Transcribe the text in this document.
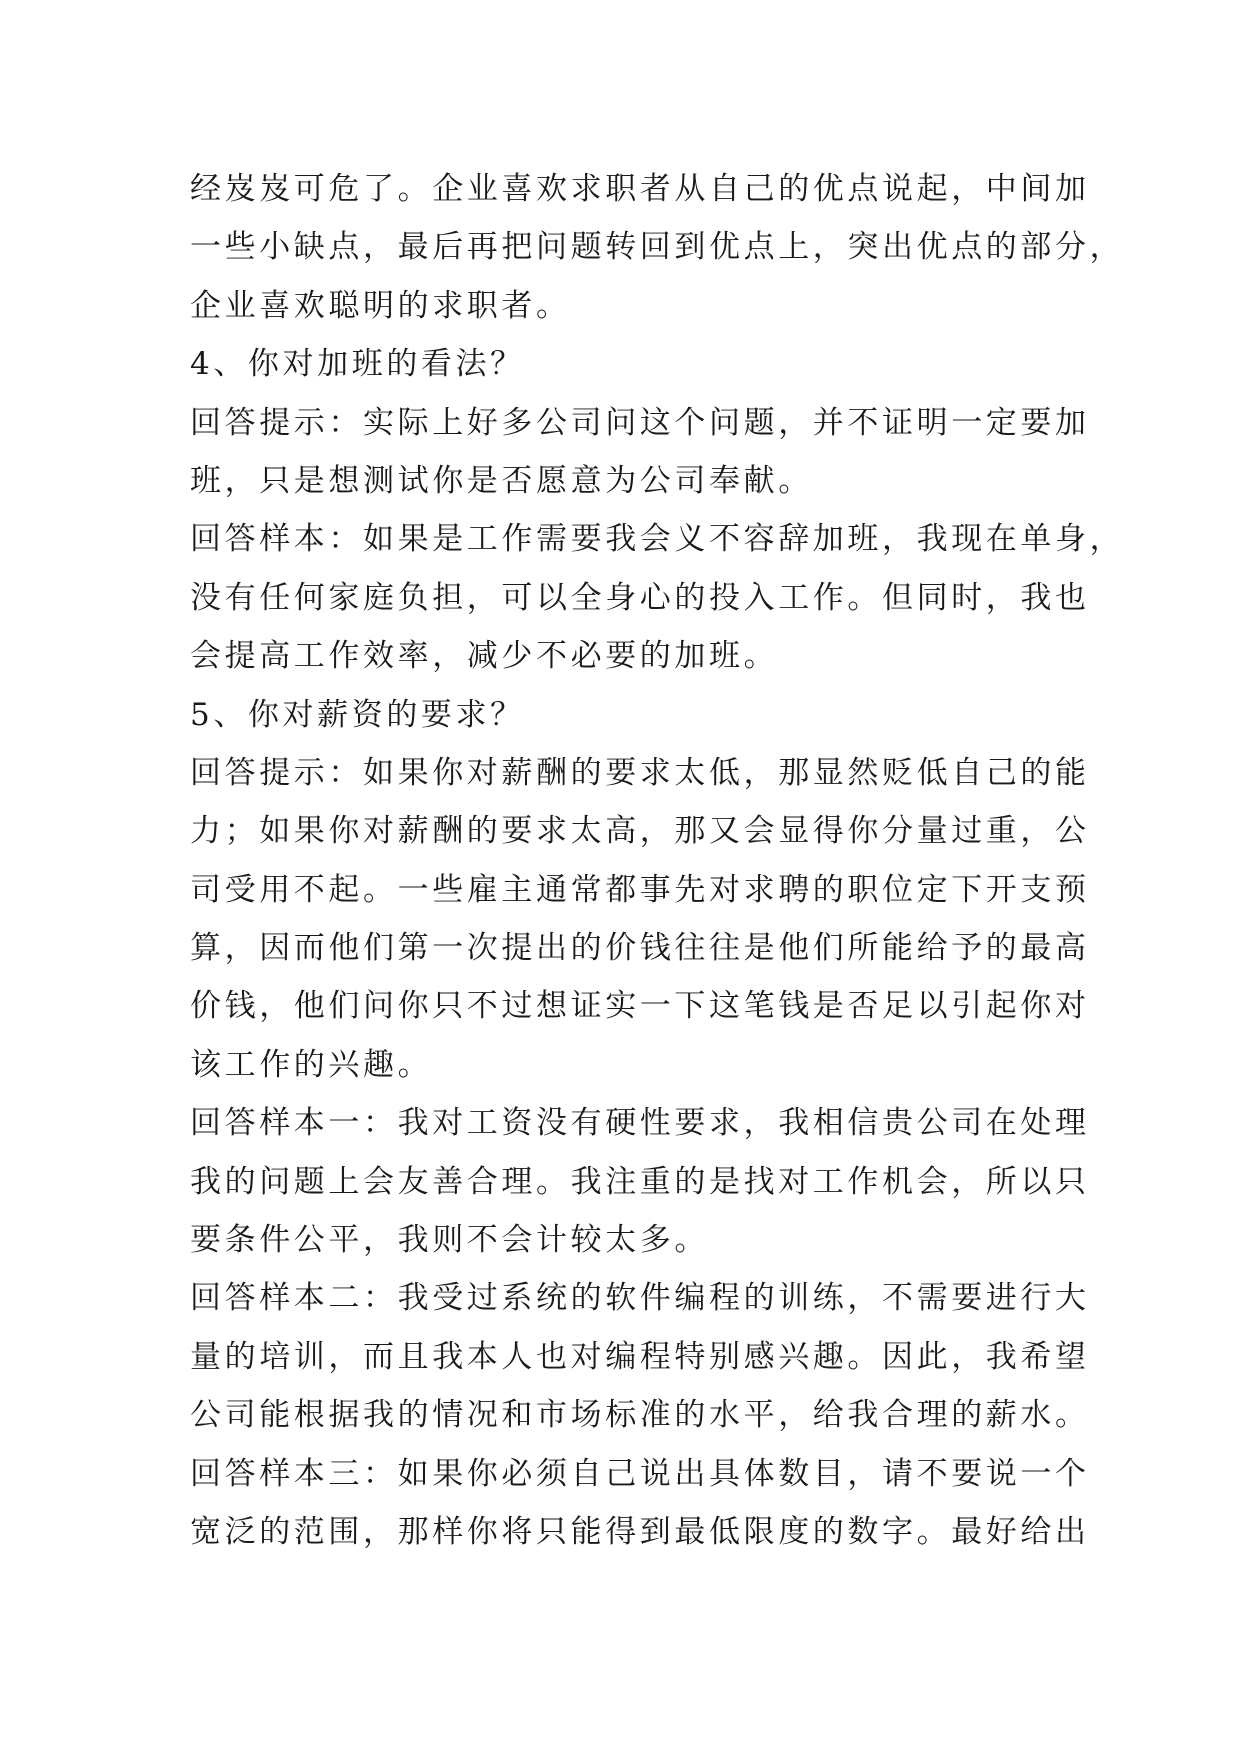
经岌岌可危了。企业喜欢求职者从自己的优点说起，中间加
一些小缺点，最后再把问题转回到优点上，突出优点的部分，
企业喜欢聪明的求职者。
4、你对加班的看法？
回答提示：实际上好多公司问这个问题，并不证明一定要加
班，只是想测试你是否愿意为公司奉献。
回答样本：如果是工作需要我会义不容辞加班，我现在单身，
没有任何家庭负担，可以全身心的投入工作。但同时，我也
会提高工作效率，减少不必要的加班。
5、你对薪资的要求？
回答提示：如果你对薪酬的要求太低，那显然贬低自己的能
力；如果你对薪酬的要求太高，那又会显得你分量过重，公
司受用不起。一些雇主通常都事先对求聘的职位定下开支预
算，因而他们第一次提出的价钱往往是他们所能给予的最高
价钱，他们问你只不过想证实一下这笔钱是否足以引起你对
该工作的兴趣。
回答样本一：我对工资没有硬性要求，我相信贵公司在处理
我的问题上会友善合理。我注重的是找对工作机会，所以只
要条件公平，我则不会计较太多。
回答样本二：我受过系统的软件编程的训练，不需要进行大
量的培训，而且我本人也对编程特别感兴趣。因此，我希望
公司能根据我的情况和市场标准的水平，给我合理的薪水。
回答样本三：如果你必须自己说出具体数目，请不要说一个
宽泛的范围，那样你将只能得到最低限度的数字。最好给出
